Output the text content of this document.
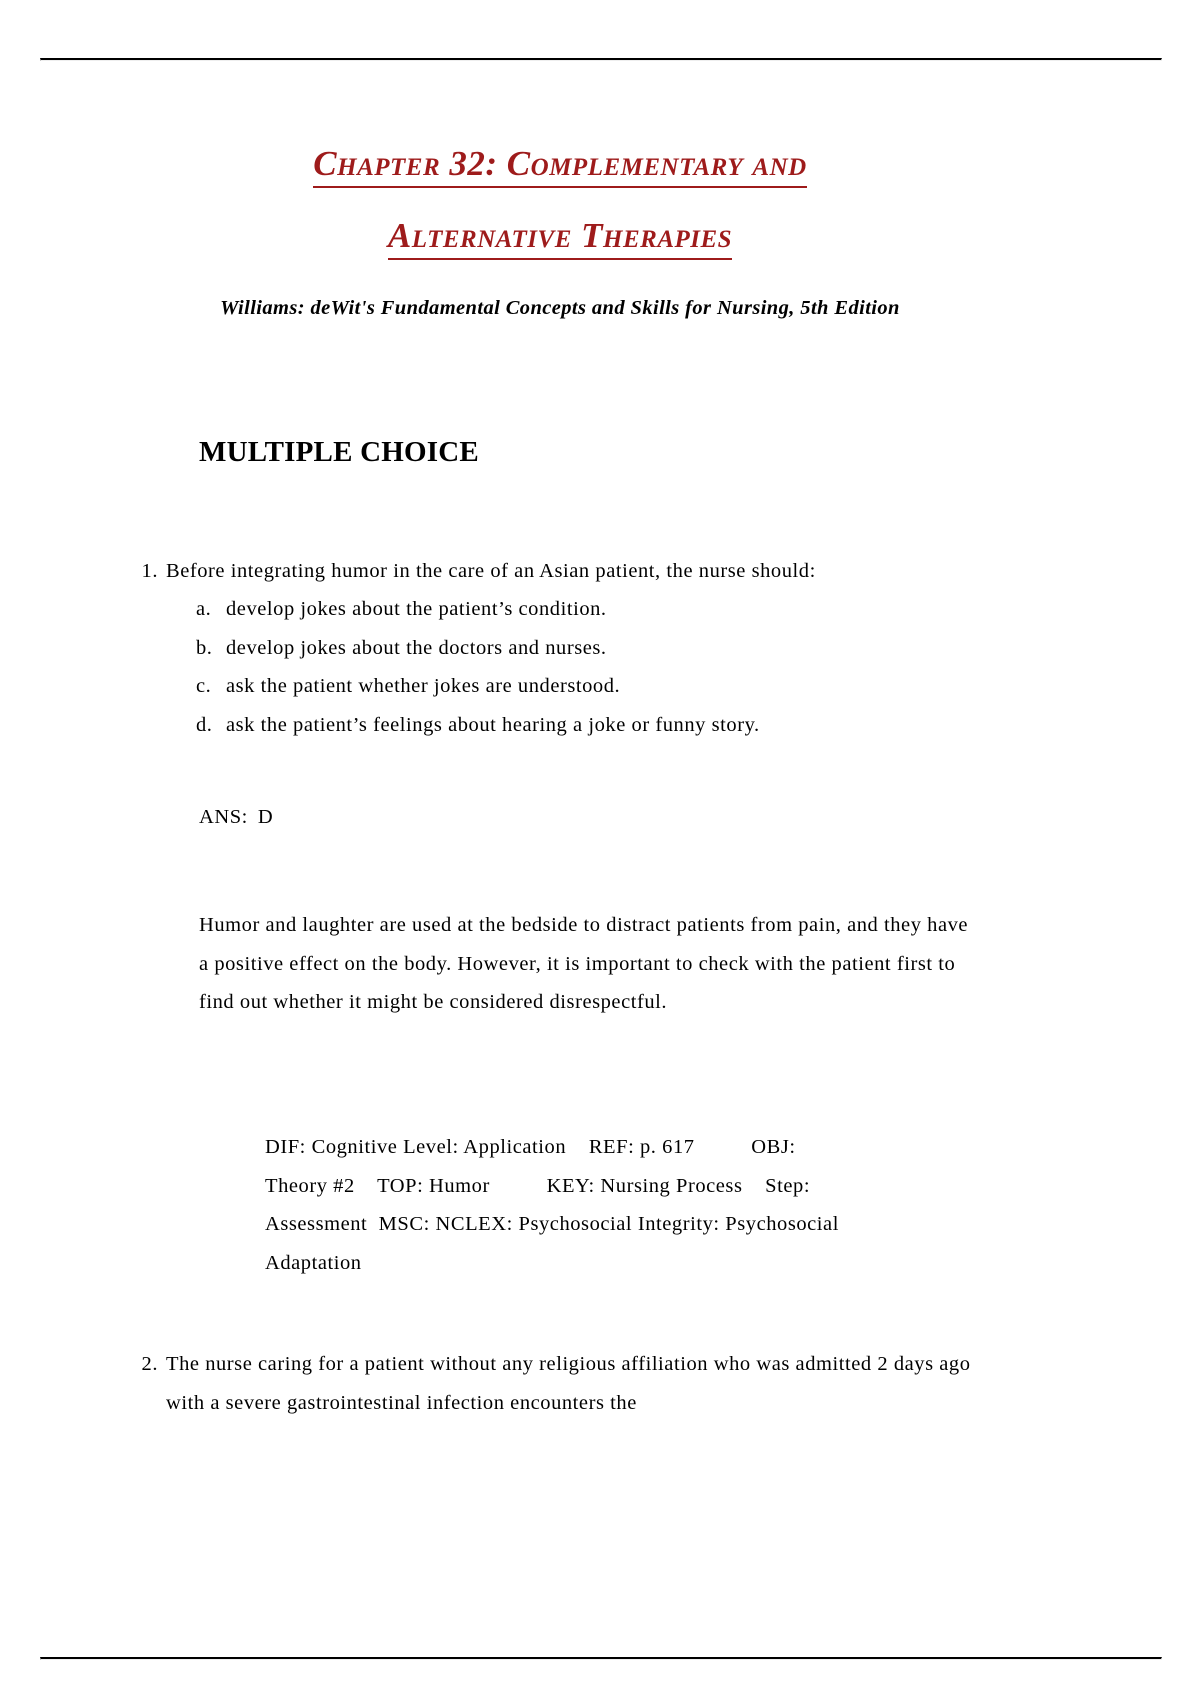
Chapter 32: Complementary and
Alternative Therapies
Williams: deWit's Fundamental Concepts and Skills for Nursing, 5th Edition
MULTIPLE CHOICE
1. Before integrating humor in the care of an Asian patient, the nurse should:
a. develop jokes about the patient’s condition.
b. develop jokes about the doctors and nurses.
c. ask the patient whether jokes are understood.
d. ask the patient’s feelings about hearing a joke or funny story.
ANS: D
Humor and laughter are used at the bedside to distract patients from pain, and they have a positive effect on the body. However, it is important to check with the patient first to find out whether it might be considered disrespectful.
DIF: Cognitive Level: Application    REF: p. 617          OBJ:
Theory #2    TOP: Humor          KEY: Nursing Process    Step:
Assessment  MSC: NCLEX: Psychosocial Integrity: Psychosocial
Adaptation
2. The nurse caring for a patient without any religious affiliation who was admitted 2 days ago with a severe gastrointestinal infection encounters the
